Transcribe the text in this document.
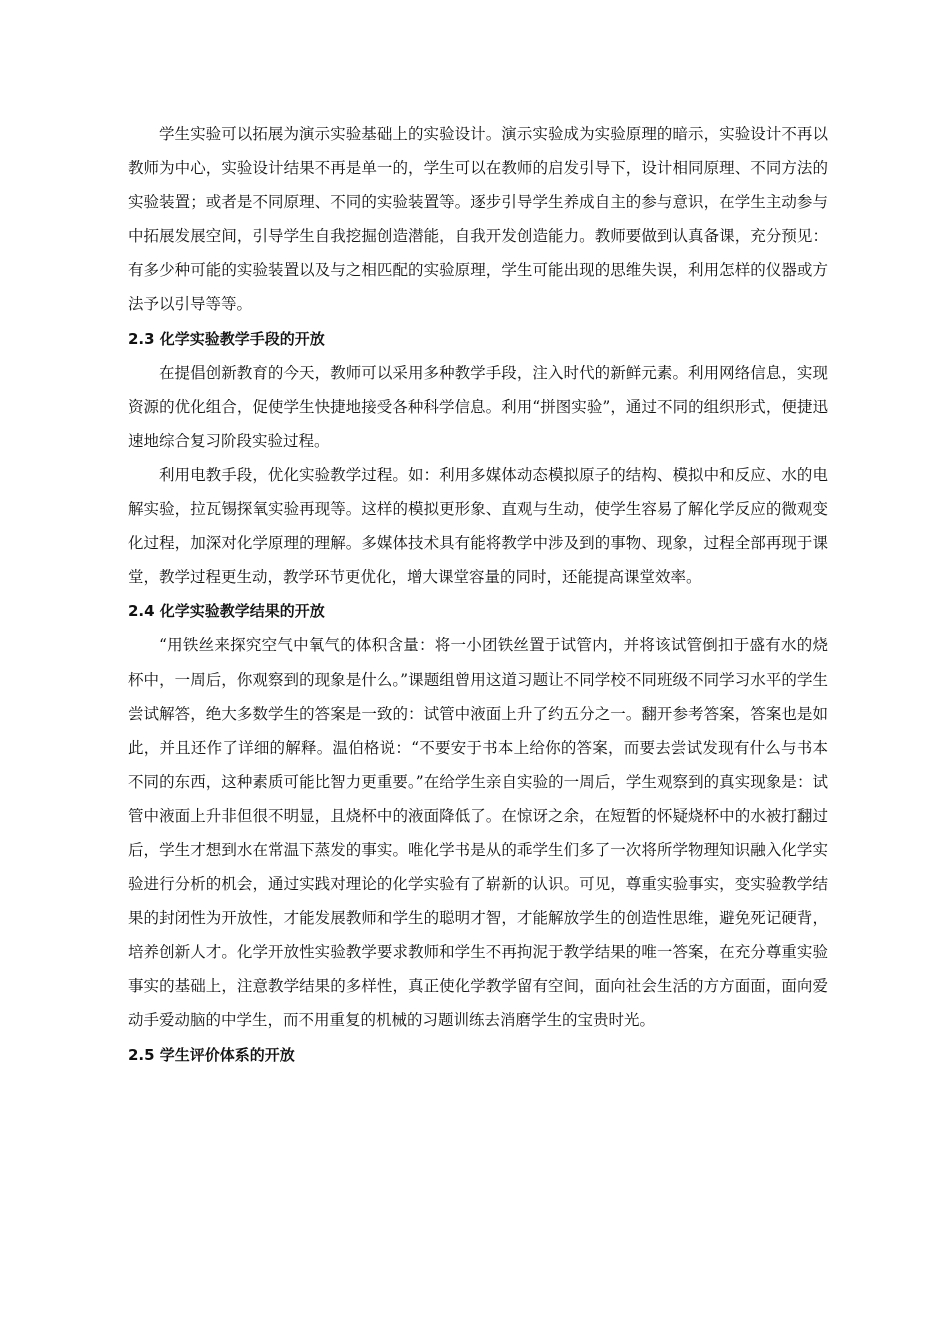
学生实验可以拓展为演示实验基础上的实验设计。演示实验成为实验原理的暗示，实验设计不再以教师为中心，实验设计结果不再是单一的，学生可以在教师的启发引导下，设计相同原理、不同方法的实验装置；或者是不同原理、不同的实验装置等。逐步引导学生养成自主的参与意识，在学生主动参与中拓展发展空间，引导学生自我挖掘创造潜能，自我开发创造能力。教师要做到认真备课，充分预见：有多少种可能的实验装置以及与之相匹配的实验原理，学生可能出现的思维失误，利用怎样的仪器或方法予以引导等等。

2.3 化学实验教学手段的开放

在提倡创新教育的今天，教师可以采用多种教学手段，注入时代的新鲜元素。利用网络信息，实现资源的优化组合，促使学生快捷地接受各种科学信息。利用“拼图实验”，通过不同的组织形式，便捷迅速地综合复习阶段实验过程。

利用电教手段，优化实验教学过程。如：利用多媒体动态模拟原子的结构、模拟中和反应、水的电解实验，拉瓦锡探氧实验再现等。这样的模拟更形象、直观与生动，使学生容易了解化学反应的微观变化过程，加深对化学原理的理解。多媒体技术具有能将教学中涉及到的事物、现象，过程全部再现于课堂，教学过程更生动，教学环节更优化，增大课堂容量的同时，还能提高课堂效率。

2.4 化学实验教学结果的开放

“用铁丝来探究空气中氧气的体积含量：将一小团铁丝置于试管内，并将该试管倒扣于盛有水的烧杯中，一周后，你观察到的现象是什么。”课题组曾用这道习题让不同学校不同班级不同学习水平的学生尝试解答，绝大多数学生的答案是一致的：试管中液面上升了约五分之一。翻开参考答案，答案也是如此，并且还作了详细的解释。温伯格说：“不要安于书本上给你的答案，而要去尝试发现有什么与书本不同的东西，这种素质可能比智力更重要。”在给学生亲自实验的一周后，学生观察到的真实现象是：试管中液面上升非但很不明显，且烧杯中的液面降低了。在惊讶之余，在短暂的怀疑烧杯中的水被打翻过后，学生才想到水在常温下蒸发的事实。唯化学书是从的乖学生们多了一次将所学物理知识融入化学实验进行分析的机会，通过实践对理论的化学实验有了崭新的认识。可见，尊重实验事实，变实验教学结果的封闭性为开放性，才能发展教师和学生的聪明才智，才能解放学生的创造性思维，避免死记硬背，培养创新人才。化学开放性实验教学要求教师和学生不再拘泥于教学结果的唯一答案，在充分尊重实验事实的基础上，注意教学结果的多样性，真正使化学教学留有空间，面向社会生活的方方面面，面向爱动手爱动脑的中学生，而不用重复的机械的习题训练去消磨学生的宝贵时光。

2.5 学生评价体系的开放
